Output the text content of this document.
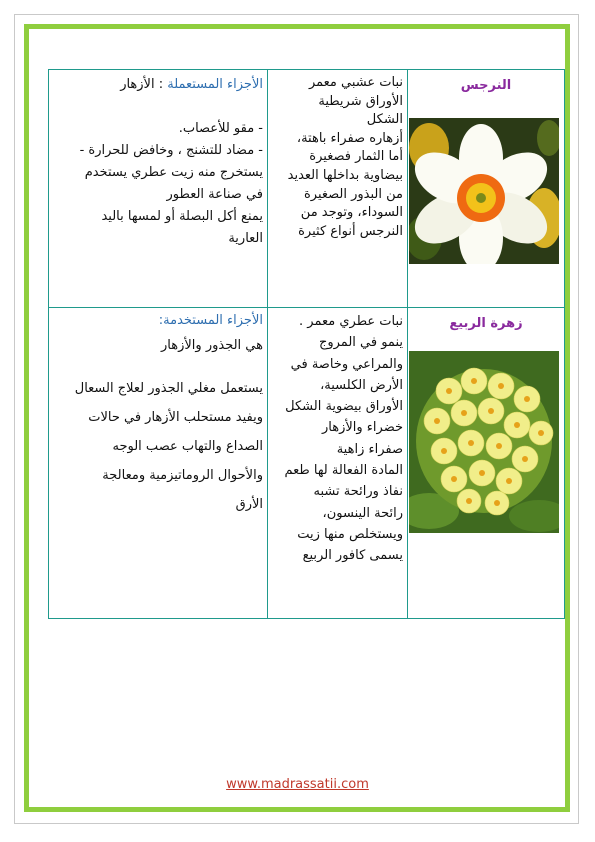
النرجس
نبات عشبي معمر
الأوراق شريطية
الشكل
أزهاره صفراء باهتة،
أما الثمار فصغيرة
بيضاوية بداخلها العديد
من البذور الصغيرة
السوداء، وتوجد من
النرجس أنواع كثيرة
الأجزاء المستعملة : الأزهار
- مقو للأعصاب.
- مضاد للتشنج ، وخافض للحرارة -
يستخرج منه زيت عطري يستخدم
في صناعة العطور
يمنع أكل البصلة أو لمسها باليد
العارية
زهرة الربيع
نبات عطري معمر .
ينمو في المروج
والمراعي وخاصة في
الأرض الكلسية،
الأوراق بيضوية الشكل
خضراء والأزهار
صفراء زاهية
المادة الفعالة لها طعم
نفاذ ورائحة تشبه
رائحة الينسون،
ويستخلص منها زيت
يسمى كافور الربيع
الأجزاء المستخدمة:
هي الجذور والأزهار
يستعمل مغلي الجذور لعلاج السعال
ويفيد مستحلب الأزهار في حالات
الصداع والتهاب عصب الوجه
والأحوال الروماتيزمية ومعالجة
الأرق
www.madrassatii.com
